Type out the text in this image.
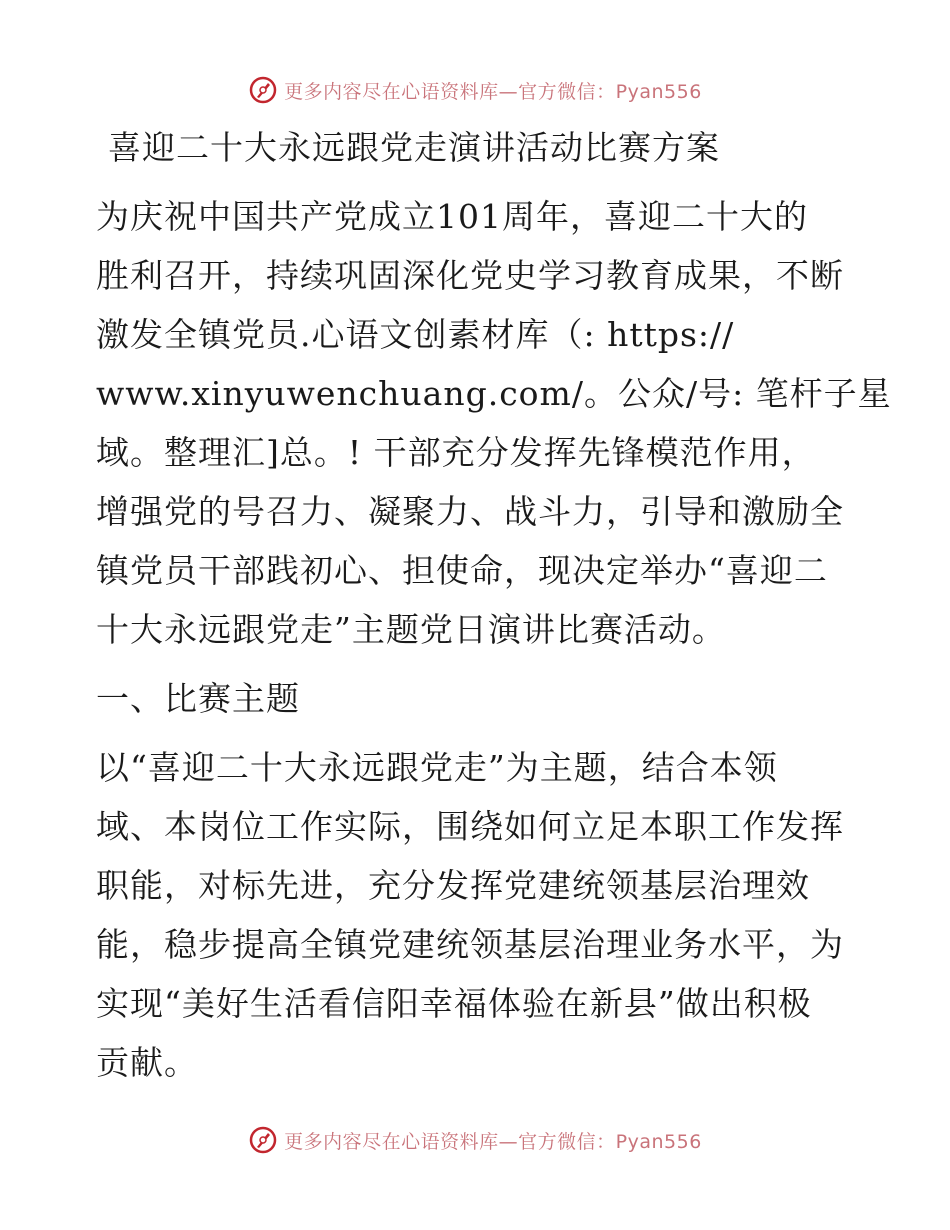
更多内容尽在心语资料库—官方微信：Pyan556
喜迎二十大永远跟党走演讲活动比赛方案
为庆祝中国共产党成立101周年，喜迎二十大的
胜利召开，持续巩固深化党史学习教育成果，不断
激发全镇党员.心语文创素材库（: https://
www.xinyuwenchuang.com/。公众/号: 笔杆子星
域。整理汇]总。! 干部充分发挥先锋模范作用，
增强党的号召力、凝聚力、战斗力，引导和激励全
镇党员干部践初心、担使命，现决定举办“喜迎二
十大永远跟党走”主题党日演讲比赛活动。
一、比赛主题
以“喜迎二十大永远跟党走”为主题，结合本领
域、本岗位工作实际，围绕如何立足本职工作发挥
职能，对标先进，充分发挥党建统领基层治理效
能，稳步提高全镇党建统领基层治理业务水平，为
实现“美好生活看信阳幸福体验在新县”做出积极
贡献。
更多内容尽在心语资料库—官方微信：Pyan556
